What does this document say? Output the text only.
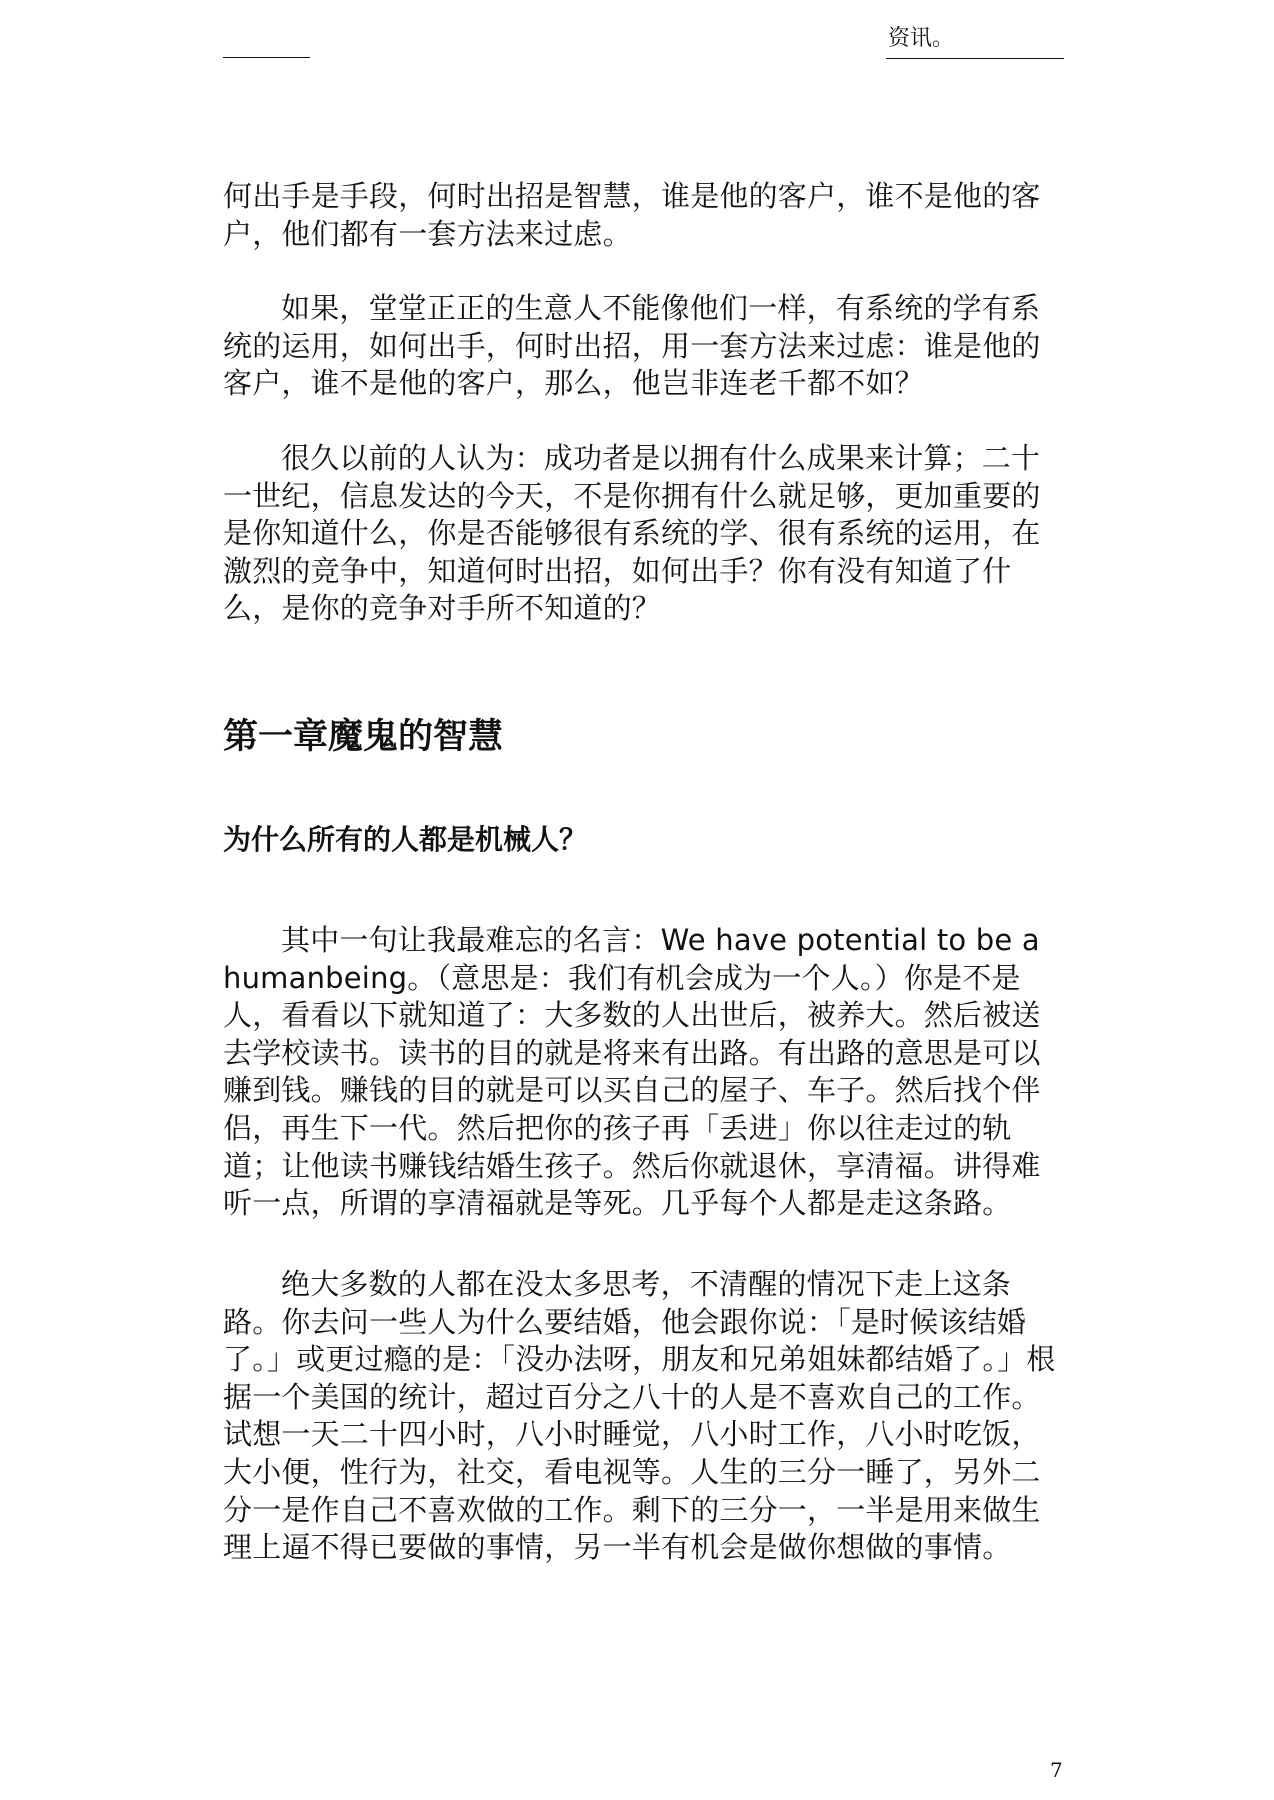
资讯。

何出手是手段，何时出招是智慧，谁是他的客户，谁不是他的客户，他们都有一套方法来过虑。

如果，堂堂正正的生意人不能像他们一样，有系统的学有系统的运用，如何出手，何时出招，用一套方法来过虑：谁是他的客户，谁不是他的客户，那么，他岂非连老千都不如？

很久以前的人认为：成功者是以拥有什么成果来计算；二十一世纪，信息发达的今天，不是你拥有什么就足够，更加重要的是你知道什么，你是否能够很有系统的学、很有系统的运用，在激烈的竞争中，知道何时出招，如何出手？你有没有知道了什么，是你的竞争对手所不知道的？

第一章魔鬼的智慧
为什么所有的人都是机械人？

其中一句让我最难忘的名言：We have potential to be a humanbeing。（意思是：我们有机会成为一个人。）你是不是人，看看以下就知道了：大多数的人出世后，被养大。然后被送去学校读书。读书的目的就是将来有出路。有出路的意思是可以赚到钱。赚钱的目的就是可以买自己的屋子、车子。然后找个伴侣，再生下一代。然后把你的孩子再「丢进」你以往走过的轨道；让他读书赚钱结婚生孩子。然后你就退休，享清福。讲得难听一点，所谓的享清福就是等死。几乎每个人都是走这条路。

绝大多数的人都在没太多思考，不清醒的情况下走上这条路。你去问一些人为什么要结婚，他会跟你说：「是时候该结婚了。」或更过瘾的是：「没办法呀，朋友和兄弟姐妹都结婚了。」根据一个美国的统计，超过百分之八十的人是不喜欢自己的工作。试想一天二十四小时，八小时睡觉，八小时工作，八小时吃饭，大小便，性行为，社交，看电视等。人生的三分一睡了，另外二分一是作自己不喜欢做的工作。剩下的三分一，一半是用来做生理上逼不得已要做的事情，另一半有机会是做你想做的事情。

7
